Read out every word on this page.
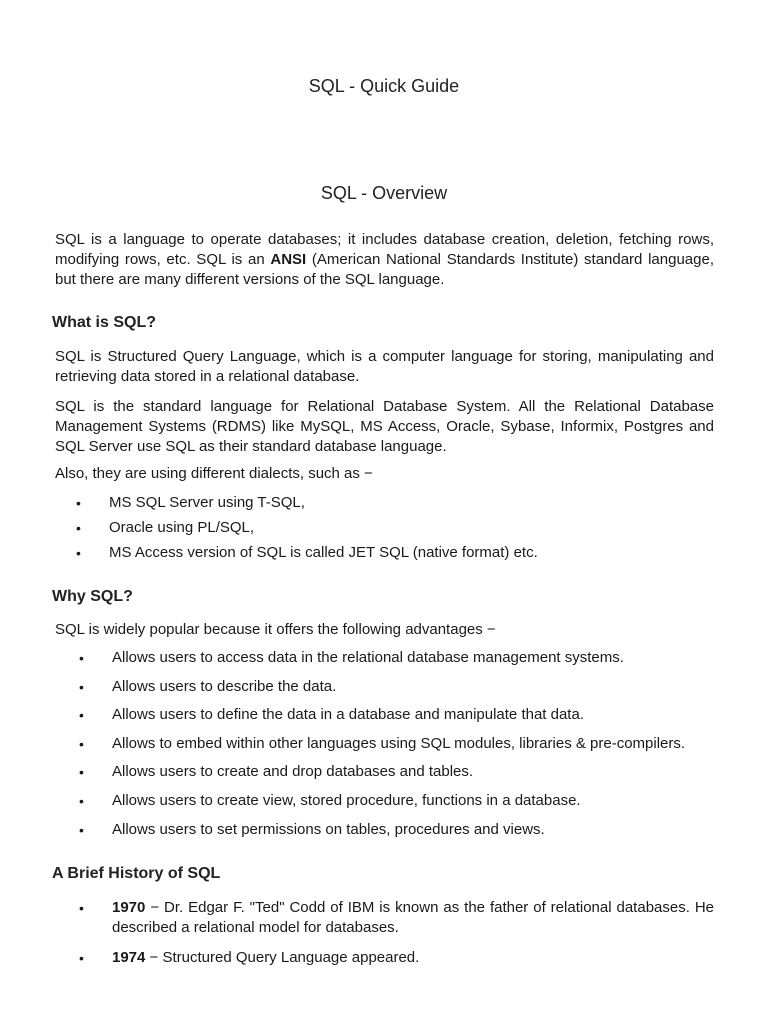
SQL - Quick Guide
SQL - Overview

SQL is a language to operate databases; it includes database creation, deletion, fetching rows, modifying rows, etc. SQL is an ANSI (American National Standards Institute) standard language, but there are many different versions of the SQL language.

What is SQL?

SQL is Structured Query Language, which is a computer language for storing, manipulating and retrieving data stored in a relational database.

SQL is the standard language for Relational Database System. All the Relational Database Management Systems (RDMS) like MySQL, MS Access, Oracle, Sybase, Informix, Postgres and SQL Server use SQL as their standard database language.

Also, they are using different dialects, such as −

• MS SQL Server using T-SQL,
• Oracle using PL/SQL,
• MS Access version of SQL is called JET SQL (native format) etc.
Why SQL?

SQL is widely popular because it offers the following advantages −

• Allows users to access data in the relational database management systems.
• Allows users to describe the data.
• Allows users to define the data in a database and manipulate that data.
• Allows to embed within other languages using SQL modules, libraries & pre-compilers.
• Allows users to create and drop databases and tables.
• Allows users to create view, stored procedure, functions in a database.
• Allows users to set permissions on tables, procedures and views.
A Brief History of SQL
• 1970 − Dr. Edgar F. "Ted" Codd of IBM is known as the father of relational databases. He described a relational model for databases.
• 1974 − Structured Query Language appeared.
